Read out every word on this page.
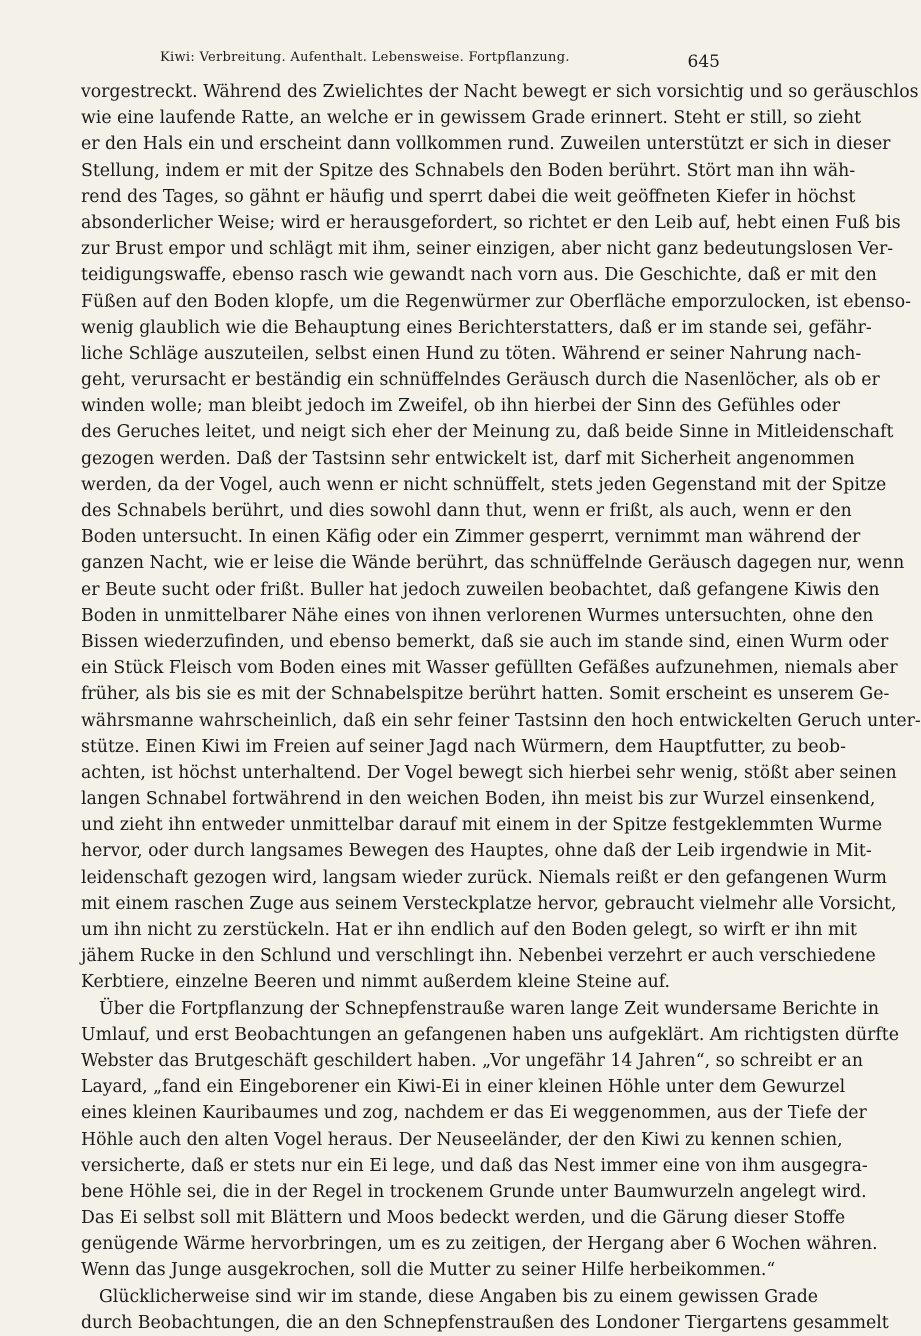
Kiwi: Verbreitung. Aufenthalt. Lebensweise. Fortpflanzung.	645
vorgestreckt. Während des Zwielichtes der Nacht bewegt er sich vorsichtig und so geräuschlos
wie eine laufende Ratte, an welche er in gewissem Grade erinnert. Steht er still, so zieht
er den Hals ein und erscheint dann vollkommen rund. Zuweilen unterstützt er sich in dieser
Stellung, indem er mit der Spitze des Schnabels den Boden berührt. Stört man ihn wäh-
rend des Tages, so gähnt er häufig und sperrt dabei die weit geöffneten Kiefer in höchst
absonderlicher Weise; wird er herausgefordert, so richtet er den Leib auf, hebt einen Fuß bis
zur Brust empor und schlägt mit ihm, seiner einzigen, aber nicht ganz bedeutungslosen Ver-
teidigungswaffe, ebenso rasch wie gewandt nach vorn aus. Die Geschichte, daß er mit den
Füßen auf den Boden klopfe, um die Regenwürmer zur Oberfläche emporzulocken, ist ebenso-
wenig glaublich wie die Behauptung eines Berichterstatters, daß er im stande sei, gefähr-
liche Schläge auszuteilen, selbst einen Hund zu töten. Während er seiner Nahrung nach-
geht, verursacht er beständig ein schnüffelndes Geräusch durch die Nasenlöcher, als ob er
winden wolle; man bleibt jedoch im Zweifel, ob ihn hierbei der Sinn des Gefühles oder
des Geruches leitet, und neigt sich eher der Meinung zu, daß beide Sinne in Mitleidenschaft
gezogen werden. Daß der Tastsinn sehr entwickelt ist, darf mit Sicherheit angenommen
werden, da der Vogel, auch wenn er nicht schnüffelt, stets jeden Gegenstand mit der Spitze
des Schnabels berührt, und dies sowohl dann thut, wenn er frißt, als auch, wenn er den
Boden untersucht. In einen Käfig oder ein Zimmer gesperrt, vernimmt man während der
ganzen Nacht, wie er leise die Wände berührt, das schnüffelnde Geräusch dagegen nur, wenn
er Beute sucht oder frißt. Buller hat jedoch zuweilen beobachtet, daß gefangene Kiwis den
Boden in unmittelbarer Nähe eines von ihnen verlorenen Wurmes untersuchten, ohne den
Bissen wiederzufinden, und ebenso bemerkt, daß sie auch im stande sind, einen Wurm oder
ein Stück Fleisch vom Boden eines mit Wasser gefüllten Gefäßes aufzunehmen, niemals aber
früher, als bis sie es mit der Schnabelspitze berührt hatten. Somit erscheint es unserem Ge-
währsmanne wahrscheinlich, daß ein sehr feiner Tastsinn den hoch entwickelten Geruch unter-
stütze. Einen Kiwi im Freien auf seiner Jagd nach Würmern, dem Hauptfutter, zu beob-
achten, ist höchst unterhaltend. Der Vogel bewegt sich hierbei sehr wenig, stößt aber seinen
langen Schnabel fortwährend in den weichen Boden, ihn meist bis zur Wurzel einsenkend,
und zieht ihn entweder unmittelbar darauf mit einem in der Spitze festgeklemmten Wurme
hervor, oder durch langsames Bewegen des Hauptes, ohne daß der Leib irgendwie in Mit-
leidenschaft gezogen wird, langsam wieder zurück. Niemals reißt er den gefangenen Wurm
mit einem raschen Zuge aus seinem Versteckplatze hervor, gebraucht vielmehr alle Vorsicht,
um ihn nicht zu zerstückeln. Hat er ihn endlich auf den Boden gelegt, so wirft er ihn mit
jähem Rucke in den Schlund und verschlingt ihn. Nebenbei verzehrt er auch verschiedene
Kerbtiere, einzelne Beeren und nimmt außerdem kleine Steine auf.
Über die Fortpflanzung der Schnepfenstrauße waren lange Zeit wundersame Berichte in
Umlauf, und erst Beobachtungen an gefangenen haben uns aufgeklärt. Am richtigsten dürfte
Webster das Brutgeschäft geschildert haben. „Vor ungefähr 14 Jahren“, so schreibt er an
Layard, „fand ein Eingeborener ein Kiwi-Ei in einer kleinen Höhle unter dem Gewurzel
eines kleinen Kauribaumes und zog, nachdem er das Ei weggenommen, aus der Tiefe der
Höhle auch den alten Vogel heraus. Der Neuseeländer, der den Kiwi zu kennen schien,
versicherte, daß er stets nur ein Ei lege, und daß das Nest immer eine von ihm ausgegra-
bene Höhle sei, die in der Regel in trockenem Grunde unter Baumwurzeln angelegt wird.
Das Ei selbst soll mit Blättern und Moos bedeckt werden, und die Gärung dieser Stoffe
genügende Wärme hervorbringen, um es zu zeitigen, der Hergang aber 6 Wochen währen.
Wenn das Junge ausgekrochen, soll die Mutter zu seiner Hilfe herbeikommen.“
Glücklicherweise sind wir im stande, diese Angaben bis zu einem gewissen Grade
durch Beobachtungen, die an den Schnepfenstraußen des Londoner Tiergartens gesammelt
